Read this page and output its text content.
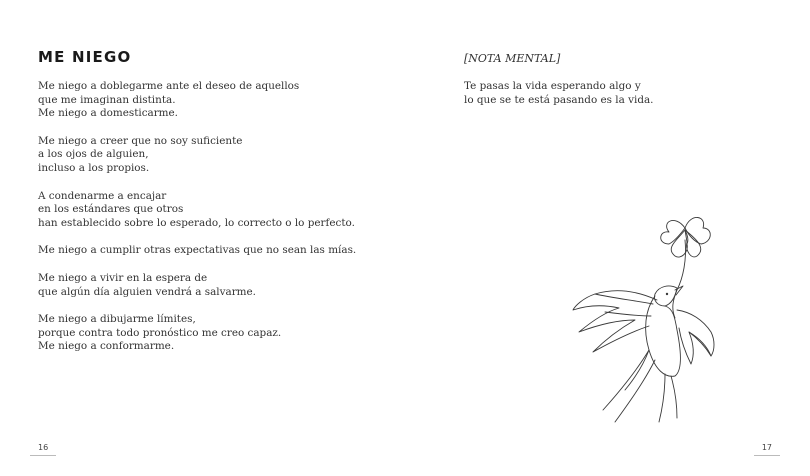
ME NIEGO

Me niego a doblegarme ante el deseo de aquellos
que me imaginan distinta.
Me niego a domesticarme.

Me niego a creer que no soy suficiente
a los ojos de alguien,
incluso a los propios.

A condenarme a encajar
en los estándares que otros
han establecido sobre lo esperado, lo correcto o lo perfecto.

Me niego a cumplir otras expectativas que no sean las mías.

Me niego a vivir en la espera de
que algún día alguien vendrá a salvarme.

Me niego a dibujarme límites,
porque contra todo pronóstico me creo capaz.
Me niego a conformarme.

16

[NOTA MENTAL]
Te pasas la vida esperando algo y
lo que se te está pasando es la vida.

17
